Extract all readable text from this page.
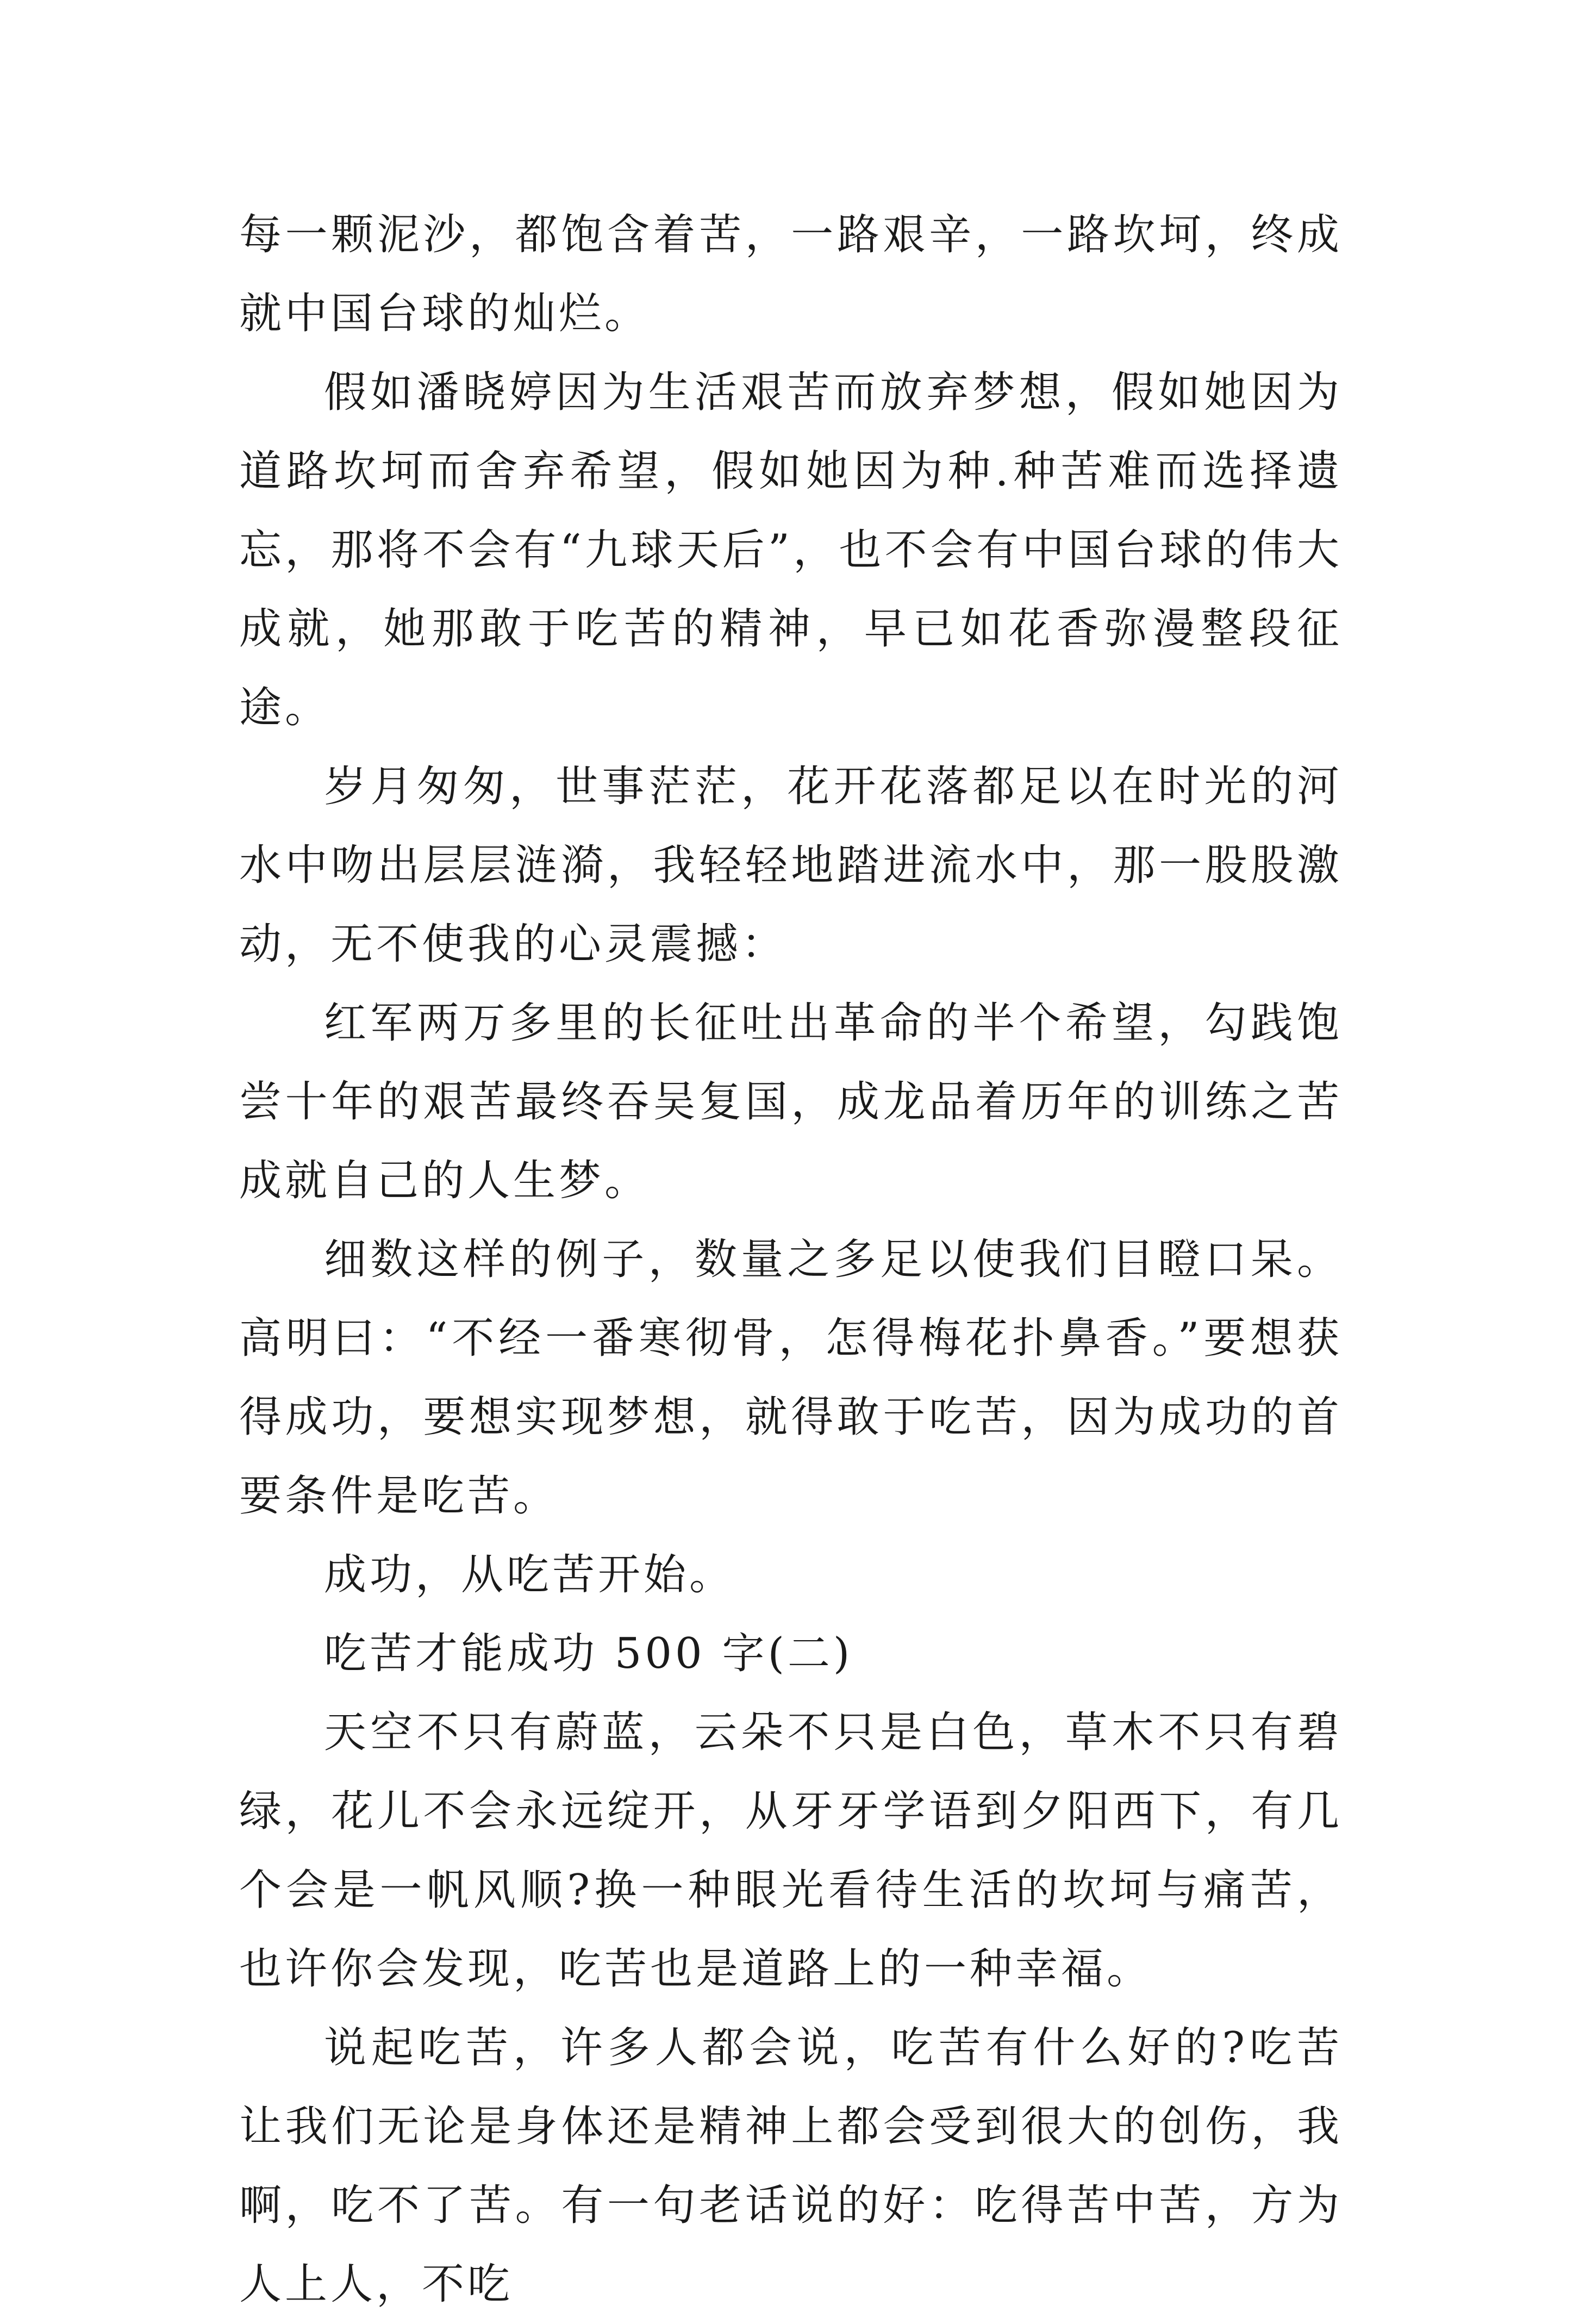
每一颗泥沙，都饱含着苦，一路艰辛，一路坎坷，终成就中国台球的灿烂。

假如潘晓婷因为生活艰苦而放弃梦想，假如她因为道路坎坷而舍弃希望，假如她因为种.种苦难而选择遗忘，那将不会有“九球天后”，也不会有中国台球的伟大成就，她那敢于吃苦的精神，早已如花香弥漫整段征途。

岁月匆匆，世事茫茫，花开花落都足以在时光的河水中吻出层层涟漪，我轻轻地踏进流水中，那一股股激动，无不使我的心灵震撼：

红军两万多里的长征吐出革命的半个希望，勾践饱尝十年的艰苦最终吞吴复国，成龙品着历年的训练之苦成就自己的人生梦。

细数这样的例子，数量之多足以使我们目瞪口呆。高明曰：“不经一番寒彻骨，怎得梅花扑鼻香。”要想获得成功，要想实现梦想，就得敢于吃苦，因为成功的首要条件是吃苦。

成功，从吃苦开始。

吃苦才能成功 500 字(二)

天空不只有蔚蓝，云朵不只是白色，草木不只有碧绿，花儿不会永远绽开，从牙牙学语到夕阳西下，有几个会是一帆风顺?换一种眼光看待生活的坎坷与痛苦，也许你会发现，吃苦也是道路上的一种幸福。

说起吃苦，许多人都会说，吃苦有什么好的?吃苦让我们无论是身体还是精神上都会受到很大的创伤，我啊，吃不了苦。有一句老话说的好：吃得苦中苦，方为人上人，不吃
